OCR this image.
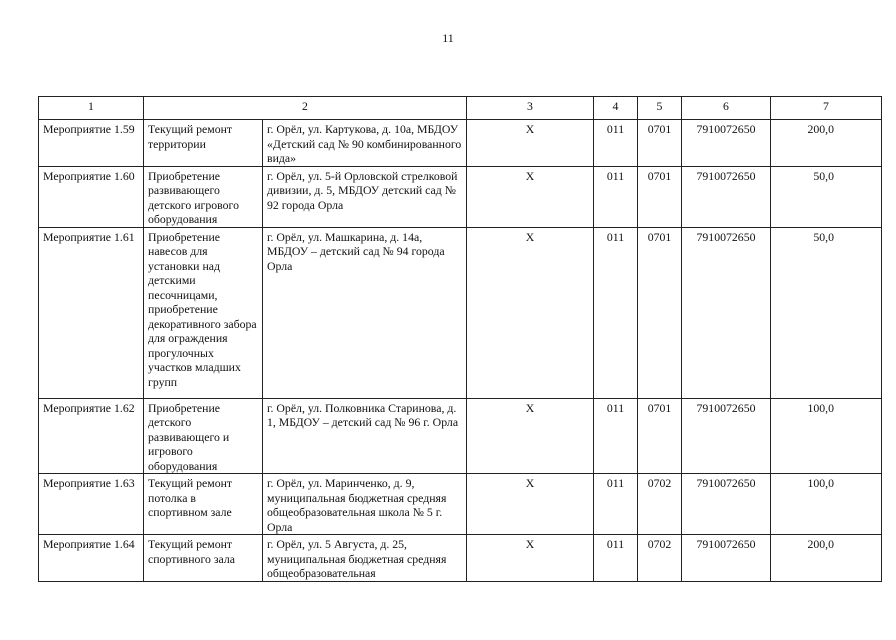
11
1	2		3	4	5	6	7
Мероприятие 1.59	Текущий ремонт территории	г. Орёл, ул. Картукова, д. 10а, МБДОУ «Детский сад № 90 комбинированного вида»	Х	011	0701	7910072650	200,0
Мероприятие 1.60	Приобретение развивающего детского игрового оборудования	г. Орёл, ул. 5-й Орловской стрелковой дивизии, д. 5, МБДОУ детский сад № 92 города Орла	Х	011	0701	7910072650	50,0
Мероприятие 1.61	Приобретение навесов для установки над детскими песочницами, приобретение декоративного забора для ограждения прогулочных участков младших групп	г. Орёл, ул. Машкарина, д. 14а, МБДОУ – детский сад № 94 города Орла	Х	011	0701	7910072650	50,0
Мероприятие 1.62	Приобретение детского развивающего и игрового оборудования	г. Орёл, ул. Полковника Старинова, д. 1, МБДОУ – детский сад № 96 г. Орла	Х	011	0701	7910072650	100,0
Мероприятие 1.63	Текущий ремонт потолка в спортивном зале	г. Орёл, ул. Маринченко, д. 9, муниципальная бюджетная средняя общеобразовательная школа № 5 г. Орла	Х	011	0702	7910072650	100,0
Мероприятие 1.64	Текущий ремонт спортивного зала	г. Орёл, ул. 5 Августа, д. 25, муниципальная бюджетная средняя общеобразовательная	Х	011	0702	7910072650	200,0
